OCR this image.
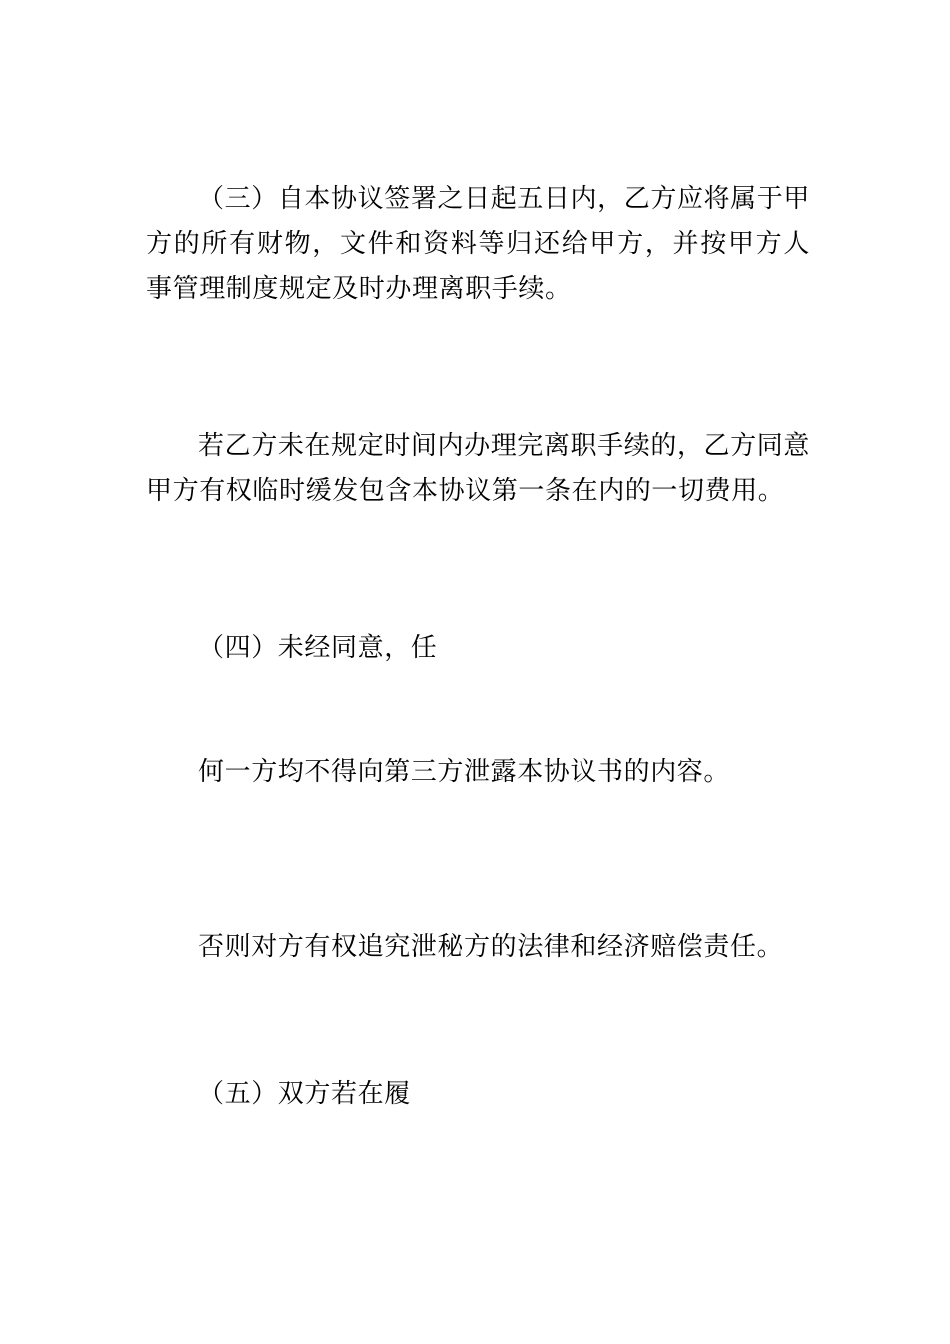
（三）自本协议签署之日起五日内，乙方应将属于甲方的所有财物，文件和资料等归还给甲方，并按甲方人事管理制度规定及时办理离职手续。

若乙方未在规定时间内办理完离职手续的，乙方同意甲方有权临时缓发包含本协议第一条在内的一切费用。

（四）未经同意，任

何一方均不得向第三方泄露本协议书的内容。

否则对方有权追究泄秘方的法律和经济赔偿责任。

（五）双方若在履
